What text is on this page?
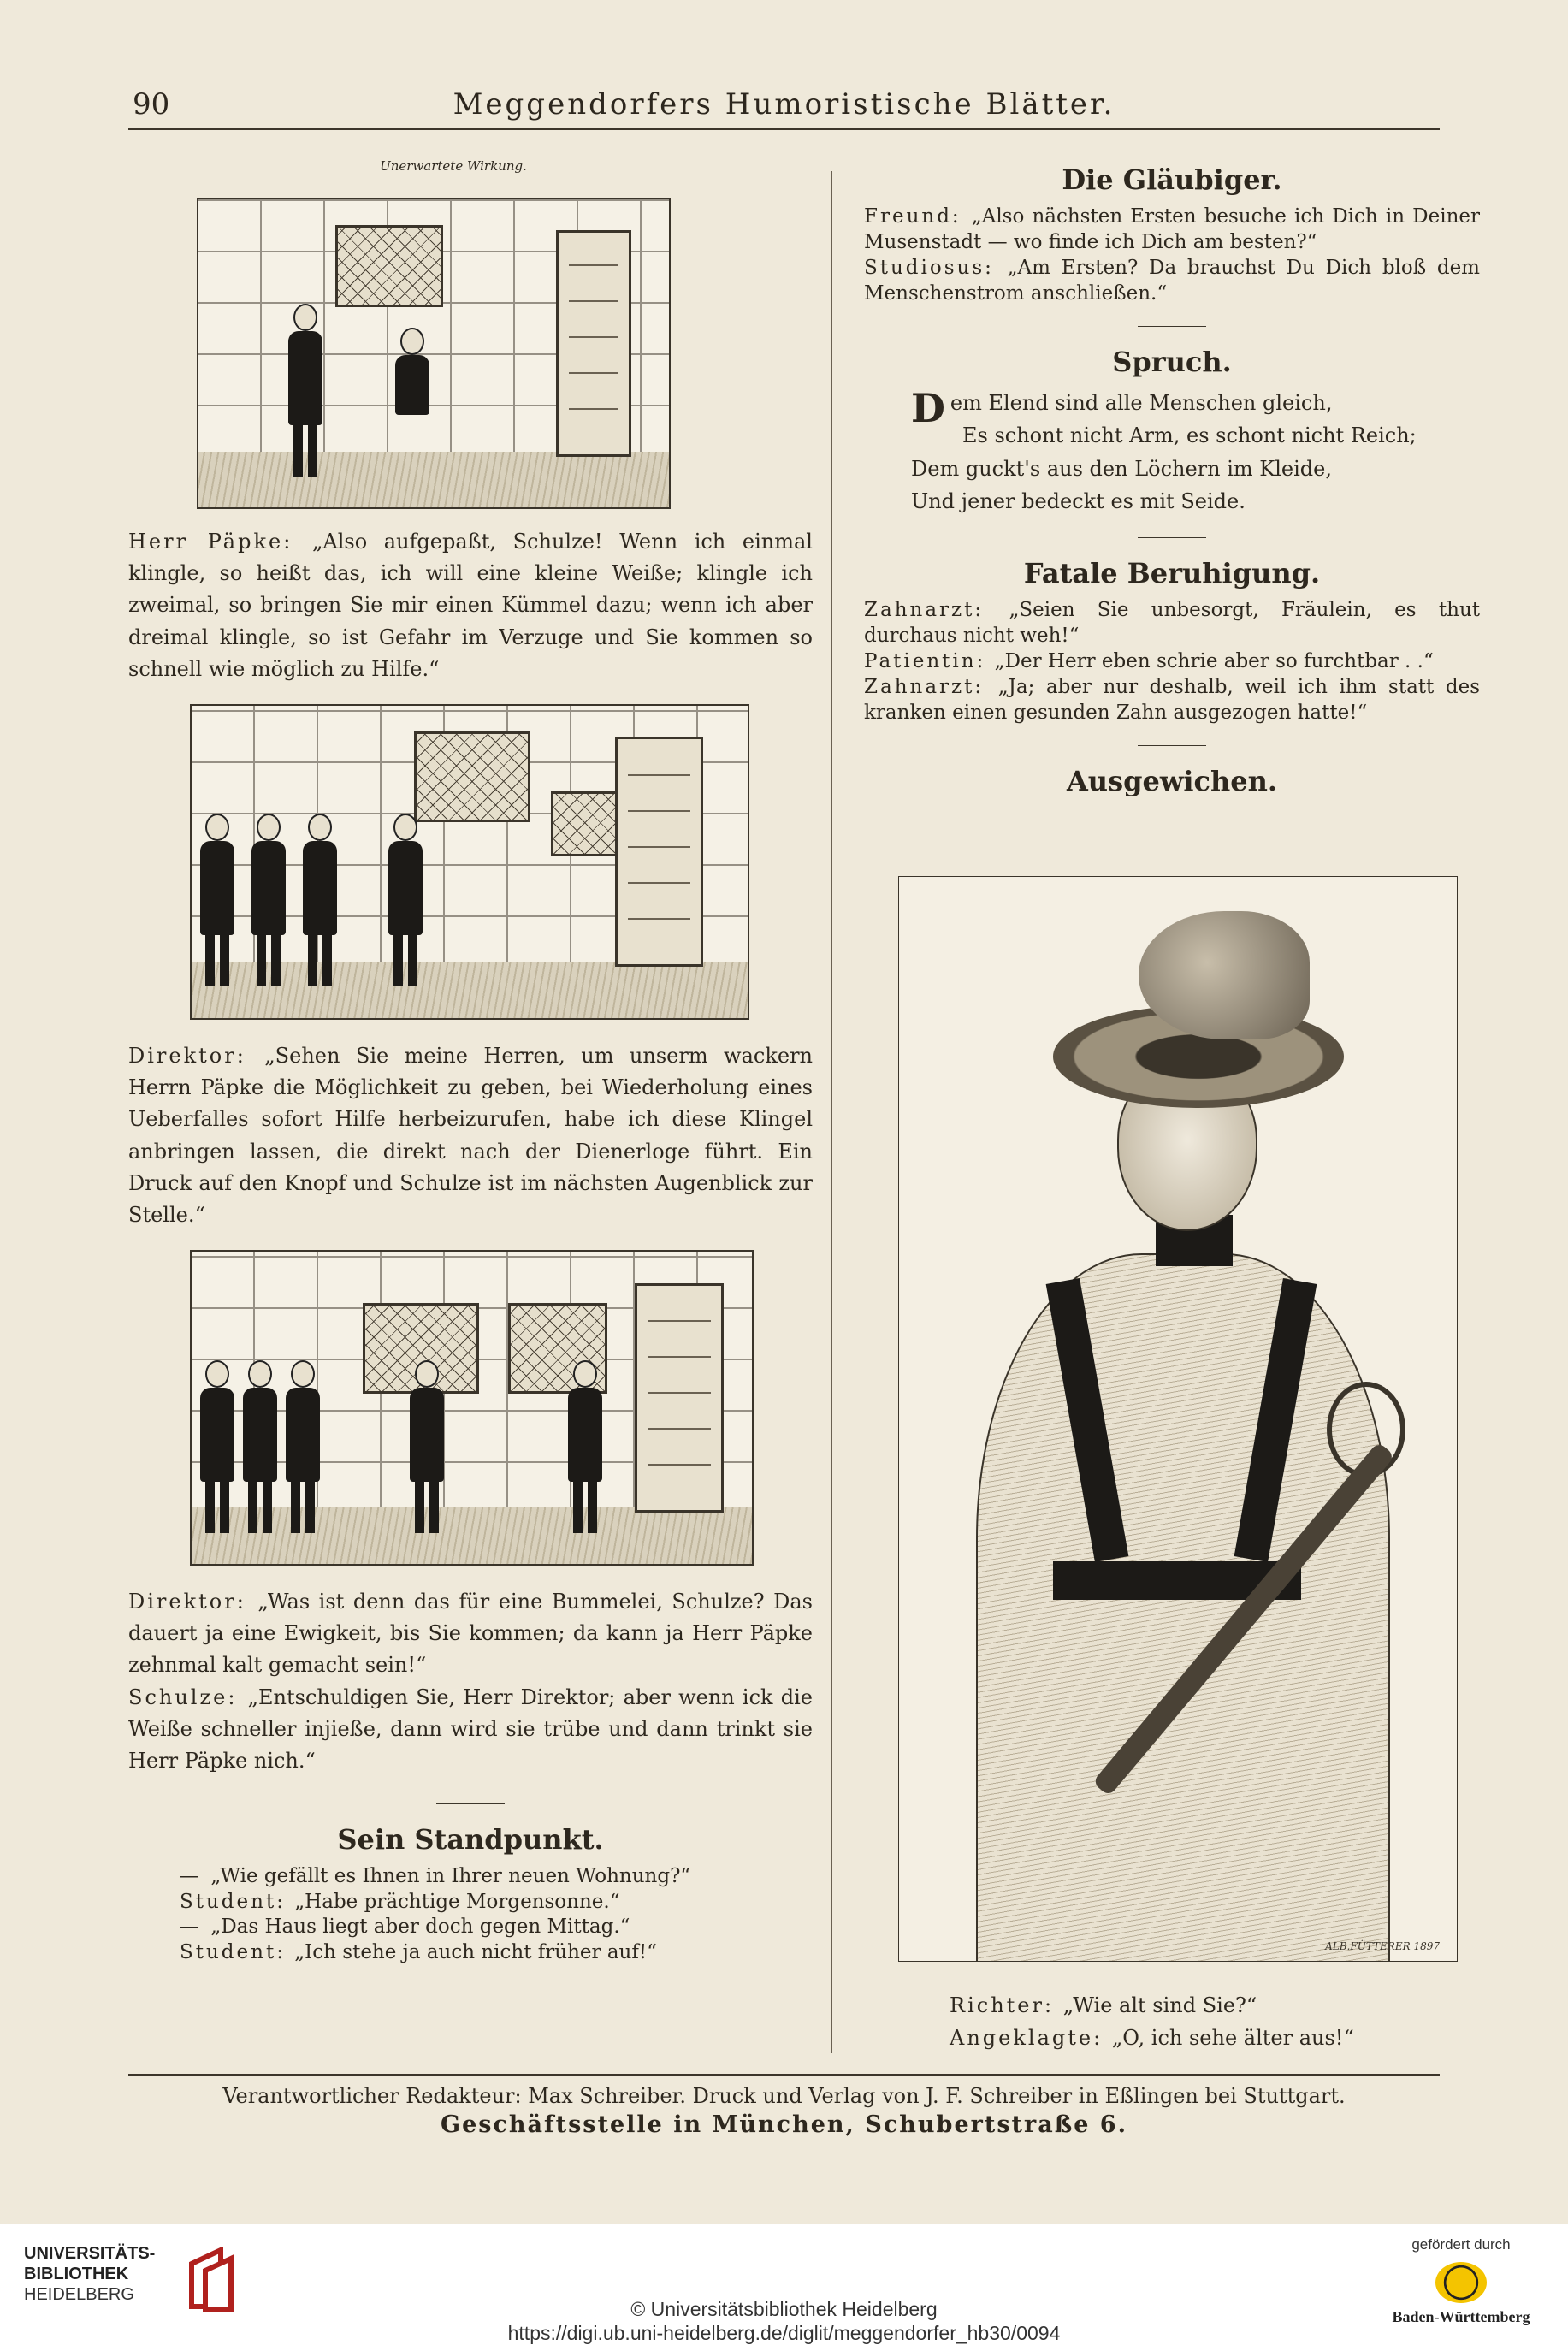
90	Meggendorfers Humoristische Blätter.
Unerwartete Wirkung.

Herr Päpke: „Also aufgepaßt, Schulze! Wenn ich einmal klingle, so heißt das, ich will eine kleine Weiße; klingle ich zweimal, so bringen Sie mir einen Kümmel dazu; wenn ich aber dreimal klingle, so ist Gefahr im Verzuge und Sie kommen so schnell wie möglich zu Hilfe.“

Direktor: „Sehen Sie meine Herren, um unserm wackern Herrn Päpke die Möglichkeit zu geben, bei Wiederholung eines Ueberfalles sofort Hilfe herbeizurufen, habe ich diese Klingel anbringen lassen, die direkt nach der Dienerloge führt. Ein Druck auf den Knopf und Schulze ist im nächsten Augenblick zur Stelle.“

Direktor: „Was ist denn das für eine Bummelei, Schulze? Das dauert ja eine Ewigkeit, bis Sie kommen; da kann ja Herr Päpke zehnmal kalt gemacht sein!“

Schulze: „Entschuldigen Sie, Herr Direktor; aber wenn ick die Weiße schneller injieße, dann wird sie trübe und dann trinkt sie Herr Päpke nich.“

Sein Standpunkt.

— „Wie gefällt es Ihnen in Ihrer neuen Wohnung?“

Student: „Habe prächtige Morgensonne.“

— „Das Haus liegt aber doch gegen Mittag.“

Student: „Ich stehe ja auch nicht früher auf!“

Die Gläubiger.

Freund: „Also nächsten Ersten besuche ich Dich in Deiner Musenstadt — wo finde ich Dich am besten?“

Studiosus: „Am Ersten? Da brauchst Du Dich bloß dem Menschenstrom anschließen.“

Spruch.
Dem Elend sind alle Menschen gleich,
Es schont nicht Arm, es schont nicht Reich;
Dem guckt's aus den Löchern im Kleide,
Und jener bedeckt es mit Seide.
Fatale Beruhigung.

Zahnarzt: „Seien Sie unbesorgt, Fräulein, es thut durchaus nicht weh!“

Patientin: „Der Herr eben schrie aber so furchtbar . .“

Zahnarzt: „Ja; aber nur deshalb, weil ich ihm statt des kranken einen gesunden Zahn ausgezogen hatte!“

Ausgewichen.
ALB.FÜTTERER 1897

Richter: „Wie alt sind Sie?“

Angeklagte: „O, ich sehe älter aus!“

Verantwortlicher Redakteur: Max Schreiber. Druck und Verlag von J. F. Schreiber in Eßlingen bei Stuttgart.
Geschäftsstelle in München, Schubertstraße 6.
UNIVERSITÄTS-
BIBLIOTHEK
HEIDELBERG
© Universitätsbibliothek Heidelberg
https://digi.ub.uni-heidelberg.de/diglit/meggendorfer_hb30/0094
gefördert durch
Baden-Württemberg
